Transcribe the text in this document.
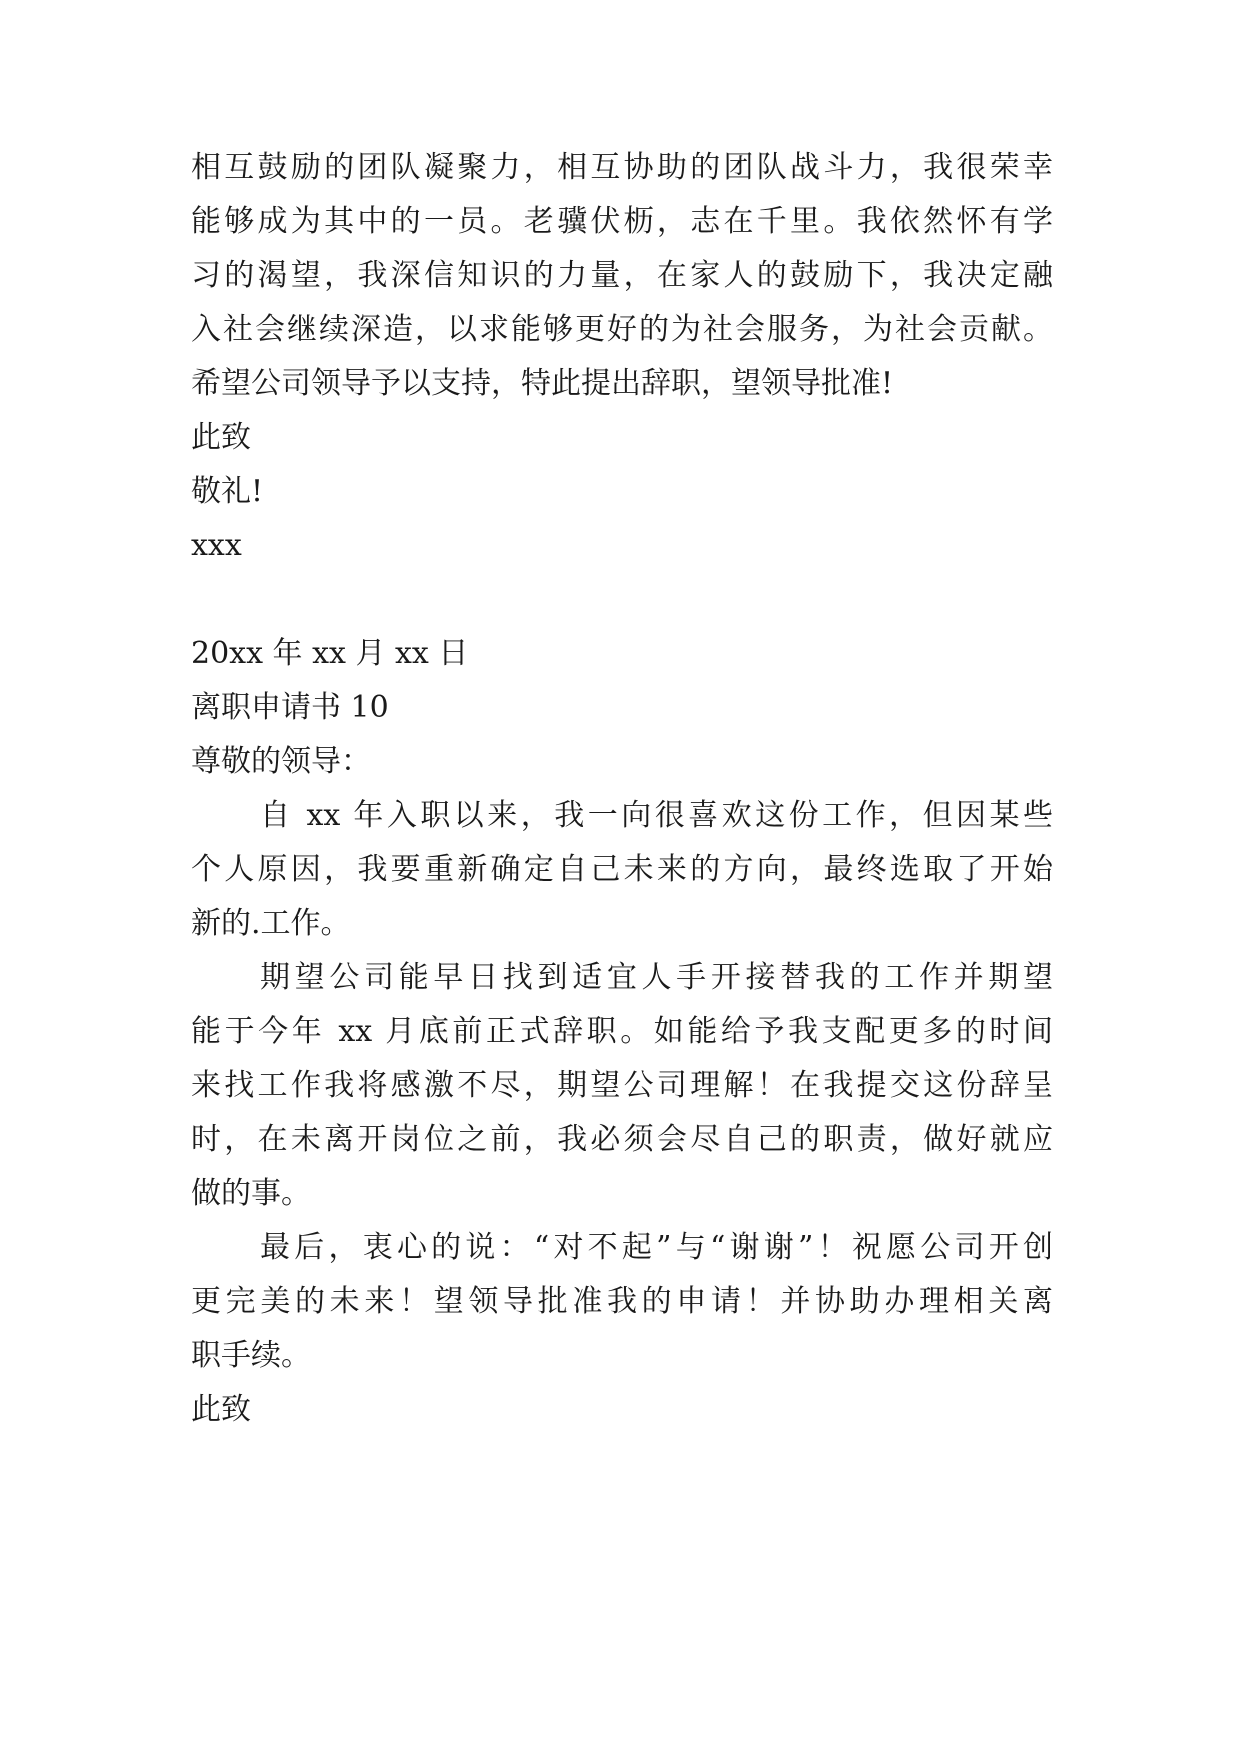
相互鼓励的团队凝聚力，相互协助的团队战斗力，我很荣幸

能够成为其中的一员。老骥伏枥，志在千里。我依然怀有学

习的渴望，我深信知识的力量，在家人的鼓励下，我决定融

入社会继续深造，以求能够更好的为社会服务，为社会贡献。

希望公司领导予以支持，特此提出辞职，望领导批准!

此致

敬礼!

xxx

20xx 年 xx 月 xx 日

离职申请书 10

尊敬的领导：

自 xx 年入职以来，我一向很喜欢这份工作，但因某些

个人原因，我要重新确定自己未来的方向，最终选取了开始

新的.工作。

期望公司能早日找到适宜人手开接替我的工作并期望

能于今年 xx 月底前正式辞职。如能给予我支配更多的时间

来找工作我将感激不尽，期望公司理解！在我提交这份辞呈

时，在未离开岗位之前，我必须会尽自己的职责，做好就应

做的事。

最后，衷心的说：“对不起”与“谢谢”！祝愿公司开创

更完美的未来！望领导批准我的申请！并协助办理相关离

职手续。

此致
